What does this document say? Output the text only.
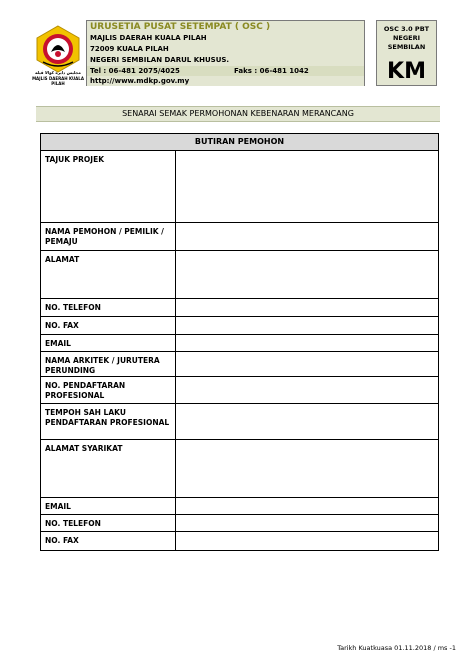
مجليس دايره كوالا ڤيله
MAJLIS DAERAH KUALA PILAH
URUSETIA PUSAT SETEMPAT ( OSC )
MAJLIS DAERAH KUALA PILAH
72009 KUALA PILAH
NEGERI SEMBILAN DARUL KHUSUS.
Tel : 06-481 2075/4025	Faks : 06-481 1042
http://www.mdkp.gov.my
OSC 3.0 PBT
NEGERI
SEMBILAN
KM
SENARAI SEMAK PERMOHONAN KEBENARAN MERANCANG
BUTIRAN PEMOHON
TAJUK PROJEK
NAMA PEMOHON / PEMILIK / PEMAJU
ALAMAT
NO. TELEFON
NO. FAX
EMAIL
NAMA ARKITEK / JURUTERA PERUNDING
NO. PENDAFTARAN PROFESIONAL
TEMPOH SAH LAKU PENDAFTARAN PROFESIONAL
ALAMAT SYARIKAT
EMAIL
NO. TELEFON
NO. FAX
Tarikh Kuatkuasa 01.11.2018 / ms -1
